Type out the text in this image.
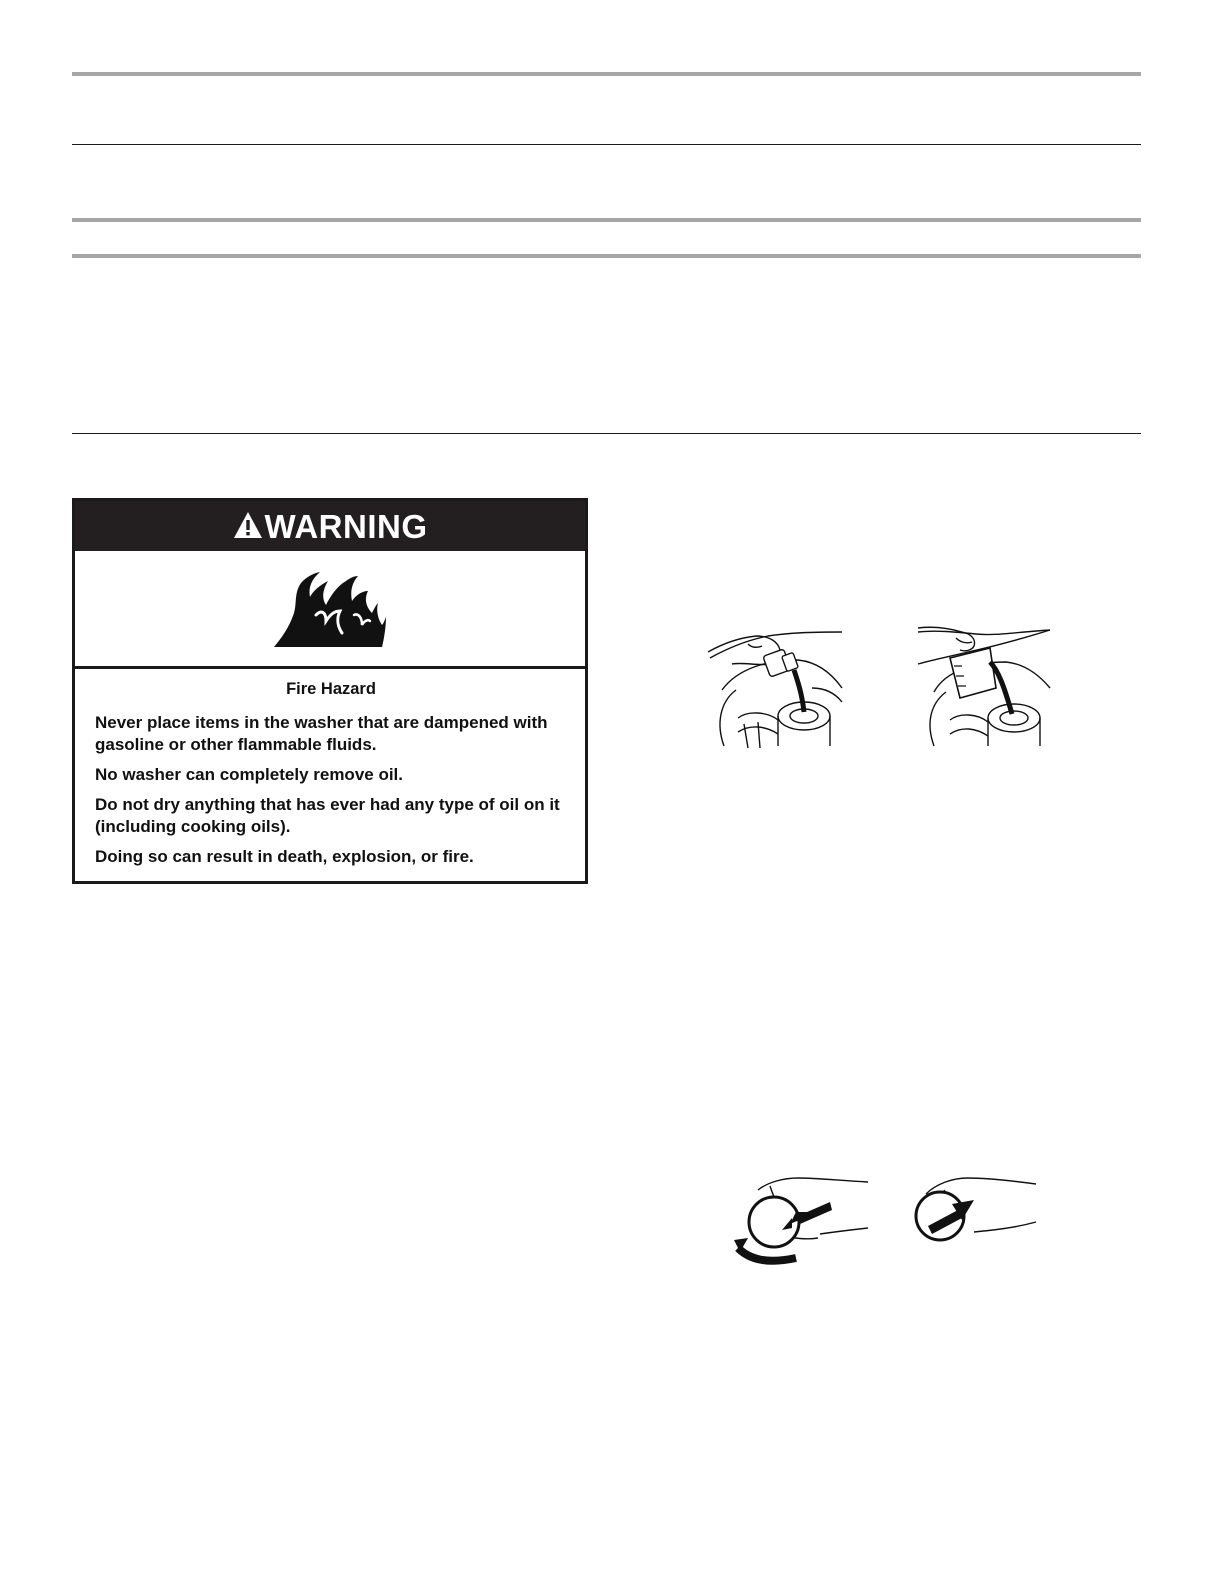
WARNING
Fire Hazard

Never place items in the washer that are dampened with gasoline or other flammable fluids.

No washer can completely remove oil.

Do not dry anything that has ever had any type of oil on it (including cooking oils).

Doing so can result in death, explosion, or fire.
